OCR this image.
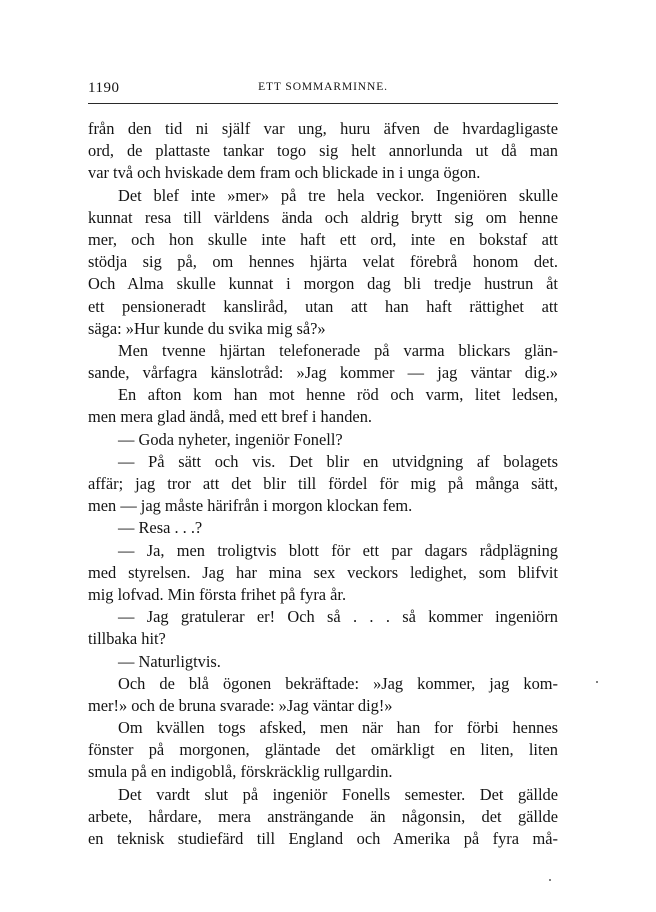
1190	ETT SOMMARMINNE.
från den tid ni själf var ung, huru äfven de hvardagligaste
ord, de plattaste tankar togo sig helt annorlunda ut då man
var två och hviskade dem fram och blickade in i unga ögon.
Det blef inte »mer» på tre hela veckor. Ingeniören skulle
kunnat resa till världens ända och aldrig brytt sig om henne
mer, och hon skulle inte haft ett ord, inte en bokstaf att
stödja sig på, om hennes hjärta velat förebrå honom det.
Och Alma skulle kunnat i morgon dag bli tredje hustrun åt
ett pensioneradt kansliråd, utan att han haft rättighet att
säga: »Hur kunde du svika mig så?»
Men tvenne hjärtan telefonerade på varma blickars glän-
sande, vårfagra känslotråd: »Jag kommer — jag väntar dig.»
En afton kom han mot henne röd och varm, litet ledsen,
men mera glad ändå, med ett bref i handen.
— Goda nyheter, ingeniör Fonell?
— På sätt och vis. Det blir en utvidgning af bolagets
affär; jag tror att det blir till fördel för mig på många sätt,
men — jag måste härifrån i morgon klockan fem.
— Resa . . .?
— Ja, men troligtvis blott för ett par dagars rådplägning
med styrelsen. Jag har mina sex veckors ledighet, som blifvit
mig lofvad. Min första frihet på fyra år.
— Jag gratulerar er! Och så . . . så kommer ingeniörn
tillbaka hit?
— Naturligtvis.
Och de blå ögonen bekräftade: »Jag kommer, jag kom-
mer!» och de bruna svarade: »Jag väntar dig!»
Om kvällen togs afsked, men när han for förbi hennes
fönster på morgonen, gläntade det omärkligt en liten, liten
smula på en indigoblå, förskräcklig rullgardin.
Det vardt slut på ingeniör Fonells semester. Det gällde
arbete, hårdare, mera ansträngande än någonsin, det gällde
en teknisk studiefärd till England och Amerika på fyra må-
